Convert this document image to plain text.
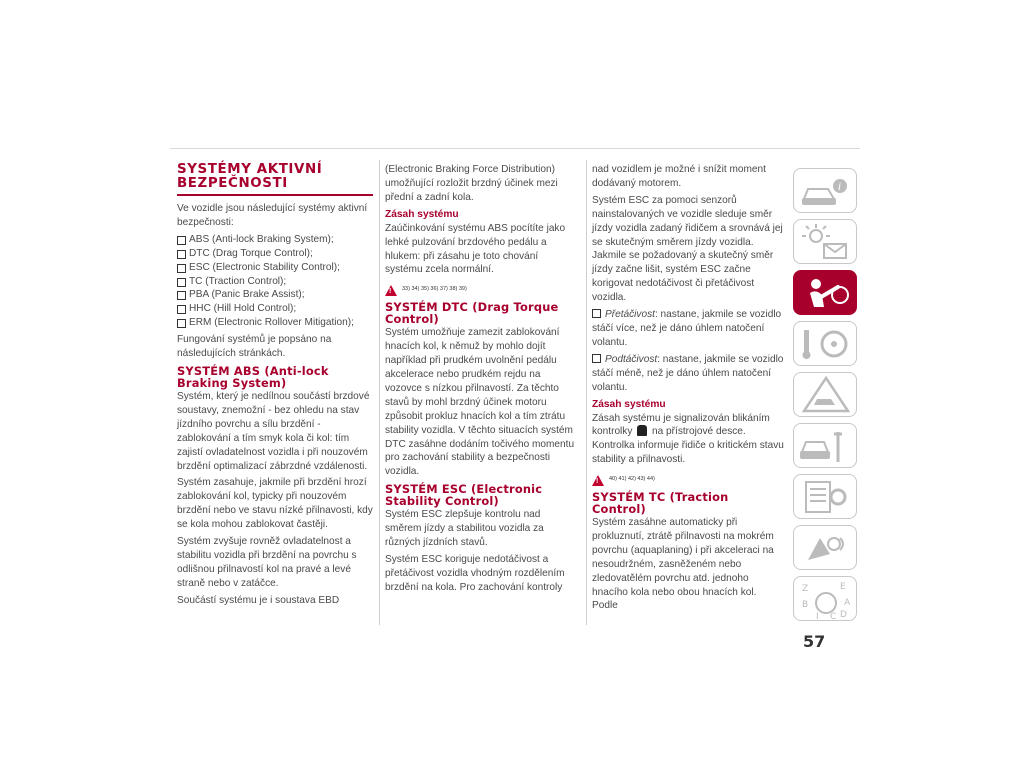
SYSTÉMY AKTIVNÍ
BEZPEČNOSTI

Ve vozidle jsou následující systémy aktivní bezpečnosti:

ABS (Anti-lock Braking System);
DTC (Drag Torque Control);
ESC (Electronic Stability Control);
TC (Traction Control);
PBA (Panic Brake Assist);
HHC (Hill Hold Control);
ERM (Electronic Rollover Mitigation);

Fungování systémů je popsáno na následujících stránkách.

SYSTÉM ABS (Anti-lock Braking System)

Systém, který je nedílnou součástí brzdové soustavy, znemožní - bez ohledu na stav jízdního povrchu a sílu brzdění - zablokování a tím smyk kola či kol: tím zajistí ovladatelnost vozidla i při nouzovém brzdění optimalizací zábrzdné vzdálenosti.

Systém zasahuje, jakmile při brzdění hrozí zablokování kol, typicky při nouzovém brzdění nebo ve stavu nízké přilnavosti, kdy se kola mohou zablokovat častěji.

Systém zvyšuje rovněž ovladatelnost a stabilitu vozidla při brzdění na povrchu s odlišnou přilnavostí kol na pravé a levé straně nebo v zatáčce.

Součástí systému je i soustava EBD

(Electronic Braking Force Distribution) umožňující rozložit brzdný účinek mezi přední a zadní kola.

Zásah systému

Zaúčinkování systému ABS pocítíte jako lehké pulzování brzdového pedálu a hlukem: při zásahu je toto chování systému zcela normální.

!
33) 34) 35) 36) 37) 38) 39)
SYSTÉM DTC (Drag Torque Control)

Systém umožňuje zamezit zablokování hnacích kol, k němuž by mohlo dojít například při prudkém uvolnění pedálu akcelerace nebo prudkém rejdu na vozovce s nízkou přilnavostí. Za těchto stavů by mohl brzdný účinek motoru způsobit prokluz hnacích kol a tím ztrátu stability vozidla. V těchto situacích systém DTC zasáhne dodáním točivého momentu pro zachování stability a bezpečnosti vozidla.

SYSTÉM ESC (Electronic Stability Control)

Systém ESC zlepšuje kontrolu nad směrem jízdy a stabilitou vozidla za různých jízdních stavů.

Systém ESC koriguje nedotáčivost a přetáčivost vozidla vhodným rozdělením brzdění na kola. Pro zachování kontroly

nad vozidlem je možné i snížit moment dodávaný motorem.

Systém ESC za pomoci senzorů nainstalovaných ve vozidle sleduje směr jízdy vozidla zadaný řidičem a srovnává jej se skutečným směrem jízdy vozidla. Jakmile se požadovaný a skutečný směr jízdy začne lišit, systém ESC začne korigovat nedotáčivost či přetáčivost vozidla.

Přetáčivost: nastane, jakmile se vozidlo stáčí více, než je dáno úhlem natočení volantu.

Podtáčivost: nastane, jakmile se vozidlo stáčí méně, než je dáno úhlem natočení volantu.

Zásah systému

Zásah systému je signalizován blikáním kontrolky na přístrojové desce. Kontrolka informuje řidiče o kritickém stavu stability a přilnavosti.

!
40) 41) 42) 43) 44)
SYSTÉM TC (Traction Control)

Systém zasáhne automaticky při prokluznutí, ztrátě přilnavosti na mokrém povrchu (aquaplaning) i při akceleraci na nesoudržném, zasněženém nebo zledovatělém povrchu atd. jednoho hnacího kola nebo obou hnacích kol. Podle

i
Z	E
B	A
I C D
57
